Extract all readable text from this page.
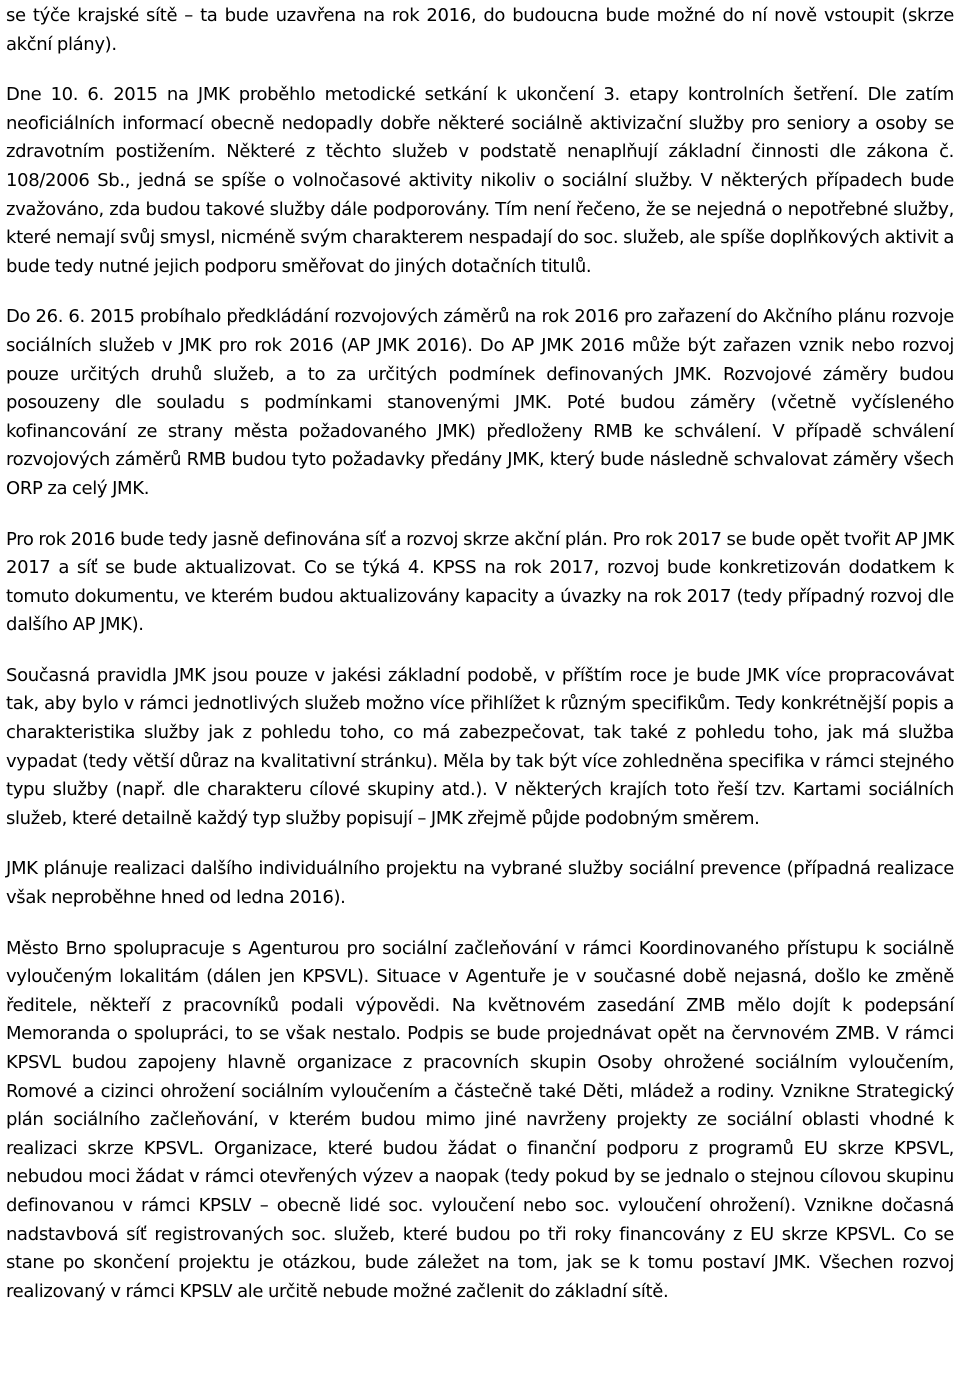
se týče krajské sítě – ta bude uzavřena na rok 2016, do budoucna bude možné do ní nově vstoupit (skrze akční plány).

Dne 10. 6. 2015 na JMK proběhlo metodické setkání k ukončení 3. etapy kontrolních šetření. Dle zatím neoficiálních informací obecně nedopadly dobře některé sociálně aktivizační služby pro seniory a osoby se zdravotním postižením. Některé z těchto služeb v podstatě nenaplňují základní činnosti dle zákona č. 108/2006 Sb., jedná se spíše o volnočasové aktivity nikoliv o sociální služby. V některých případech bude zvažováno, zda budou takové služby dále podporovány. Tím není řečeno, že se nejedná o nepotřebné služby, které nemají svůj smysl, nicméně svým charakterem nespadají do soc. služeb, ale spíše doplňkových aktivit a bude tedy nutné jejich podporu směřovat do jiných dotačních titulů.

Do 26. 6. 2015 probíhalo předkládání rozvojových záměrů na rok 2016 pro zařazení do Akčního plánu rozvoje sociálních služeb v JMK pro rok 2016 (AP JMK 2016). Do AP JMK 2016 může být zařazen vznik nebo rozvoj pouze určitých druhů služeb, a to za určitých podmínek definovaných JMK. Rozvojové záměry budou posouzeny dle souladu s podmínkami stanovenými JMK. Poté budou záměry (včetně vyčísleného kofinancování ze strany města požadovaného JMK) předloženy RMB ke schválení. V případě schválení rozvojových záměrů RMB budou tyto požadavky předány JMK, který bude následně schvalovat záměry všech ORP za celý JMK.

Pro rok 2016 bude tedy jasně definována síť a rozvoj skrze akční plán. Pro rok 2017 se bude opět tvořit AP JMK 2017 a síť se bude aktualizovat. Co se týká 4. KPSS na rok 2017, rozvoj bude konkretizován dodatkem k tomuto dokumentu, ve kterém budou aktualizovány kapacity a úvazky na rok 2017 (tedy případný rozvoj dle dalšího AP JMK).

Současná pravidla JMK jsou pouze v jakési základní podobě, v příštím roce je bude JMK více propracovávat tak, aby bylo v rámci jednotlivých služeb možno více přihlížet k různým specifikům. Tedy konkrétnější popis a charakteristika služby jak z pohledu toho, co má zabezpečovat, tak také z pohledu toho, jak má služba vypadat (tedy větší důraz na kvalitativní stránku). Měla by tak být více zohledněna specifika v rámci stejného typu služby (např. dle charakteru cílové skupiny atd.). V některých krajích toto řeší tzv. Kartami sociálních služeb, které detailně každý typ služby popisují – JMK zřejmě půjde podobným směrem.

JMK plánuje realizaci dalšího individuálního projektu na vybrané služby sociální prevence (případná realizace však neproběhne hned od ledna 2016).

Město Brno spolupracuje s Agenturou pro sociální začleňování v rámci Koordinovaného přístupu k sociálně vyloučeným lokalitám (dálen jen KPSVL). Situace v Agentuře je v současné době nejasná, došlo ke změně ředitele, někteří z pracovníků podali výpovědi. Na květnovém zasedání ZMB mělo dojít k podepsání Memoranda o spolupráci, to se však nestalo. Podpis se bude projednávat opět na červnovém ZMB. V rámci KPSVL budou zapojeny hlavně organizace z pracovních skupin Osoby ohrožené sociálním vyloučením, Romové a cizinci ohrožení sociálním vyloučením a částečně také Děti, mládež a rodiny. Vznikne Strategický plán sociálního začleňování, v kterém budou mimo jiné navrženy projekty ze sociální oblasti vhodné k realizaci skrze KPSVL. Organizace, které budou žádat o finanční podporu z programů EU skrze KPSVL, nebudou moci žádat v rámci otevřených výzev a naopak (tedy pokud by se jednalo o stejnou cílovou skupinu definovanou v rámci KPSLV – obecně lidé soc. vyloučení nebo soc. vyloučení ohrožení). Vznikne dočasná nadstavbová síť registrovaných soc. služeb, které budou po tři roky financovány z EU skrze KPSVL. Co se stane po skončení projektu je otázkou, bude záležet na tom, jak se k tomu postaví JMK. Všechen rozvoj realizovaný v rámci KPSLV ale určitě nebude možné začlenit do základní sítě.
